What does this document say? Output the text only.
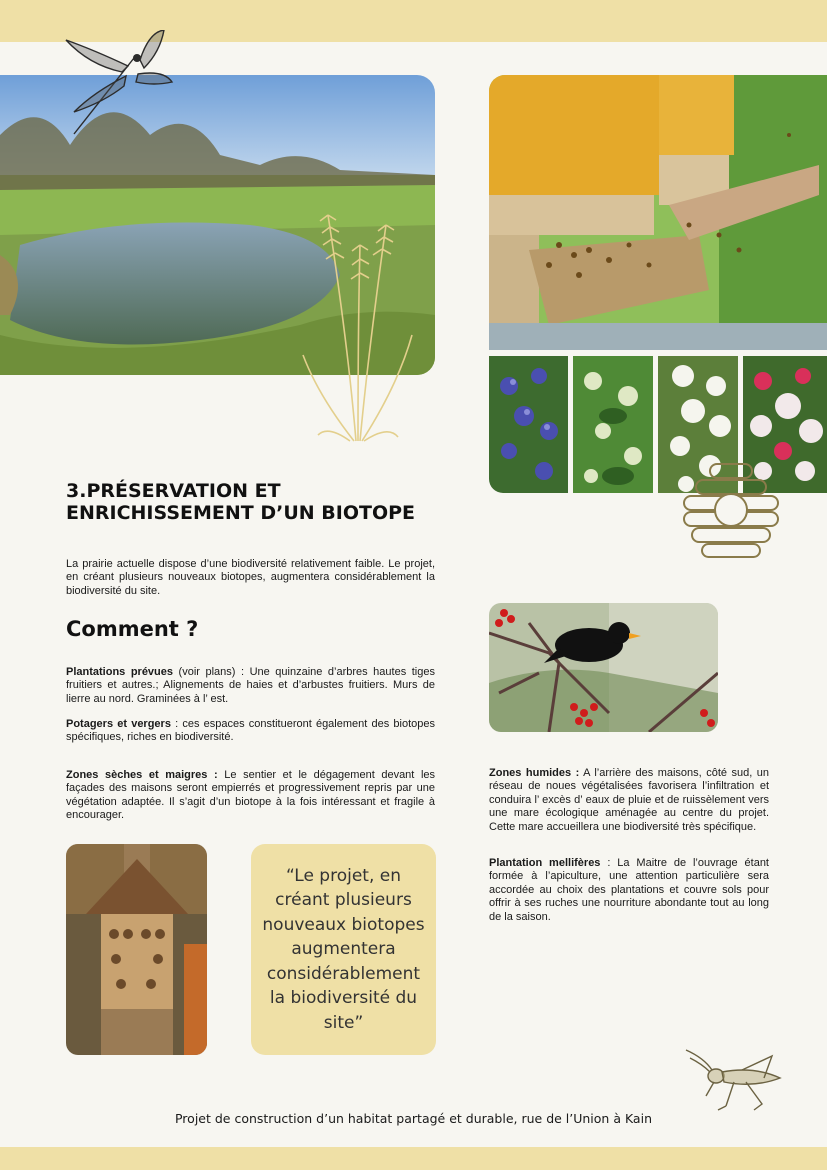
3.PRÉSERVATION ET
ENRICHISSEMENT D’UN BIOTOPE

La prairie actuelle dispose d’une biodiversité relativement faible. Le projet, en créant plusieurs nouveaux biotopes, augmentera considérablement la biodiversité du site.

Comment ?

Plantations prévues (voir plans) : Une quinzaine d’arbres hautes tiges fruitiers et autres.; Alignements de haies et d’arbustes fruitiers. Murs de lierre au nord. Graminées à l’ est.

Potagers et vergers : ces espaces constitueront également des biotopes spécifiques, riches en biodiversité.

Zones sèches et maigres : Le sentier et le dégagement devant les façades des maisons seront empierrés et progressivement repris par une végétation adaptée. Il s’agit d’un biotope à la fois intéressant et fragile à encourager.

Zones humides : A l’arrière des maisons, côté sud, un réseau de noues végétalisées favorisera l’infiltration et conduira l’ excès d’ eaux de pluie et de ruissèlement vers une mare écologique aménagée au centre du projet. Cette mare accueillera une biodiversité très spécifique.

Plantation mellifères : La Maitre de l’ouvrage étant formée à l’apiculture, une attention particulière sera accordée au choix des plantations et couvre sols pour offrir à ses ruches une nourriture abondante tout au long de la saison.

“Le projet, en créant plusieurs nouveaux biotopes augmentera considérablement la biodiversité du site”
Projet de construction d’un habitat partagé et durable, rue de l’Union à Kain
